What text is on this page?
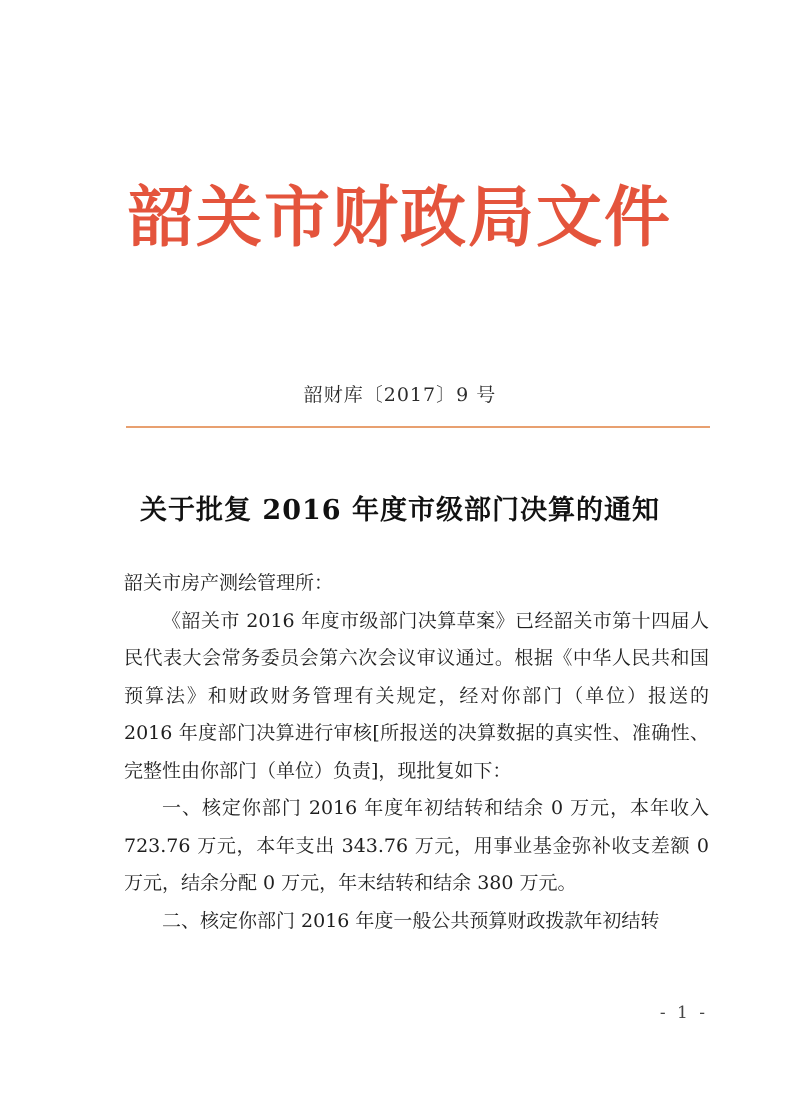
韶关市财政局文件
韶财库〔2017〕9 号
关于批复 2016 年度市级部门决算的通知

韶关市房产测绘管理所：

《韶关市 2016 年度市级部门决算草案》已经韶关市第十四届人民代表大会常务委员会第六次会议审议通过。根据《中华人民共和国预算法》和财政财务管理有关规定，经对你部门（单位）报送的 2016 年度部门决算进行审核[所报送的决算数据的真实性、准确性、完整性由你部门（单位）负责]，现批复如下：

一、核定你部门 2016 年度年初结转和结余 0 万元，本年收入 723.76 万元，本年支出 343.76 万元，用事业基金弥补收支差额 0 万元，结余分配 0 万元，年末结转和结余 380 万元。

二、核定你部门 2016 年度一般公共预算财政拨款年初结转

- 1 -
